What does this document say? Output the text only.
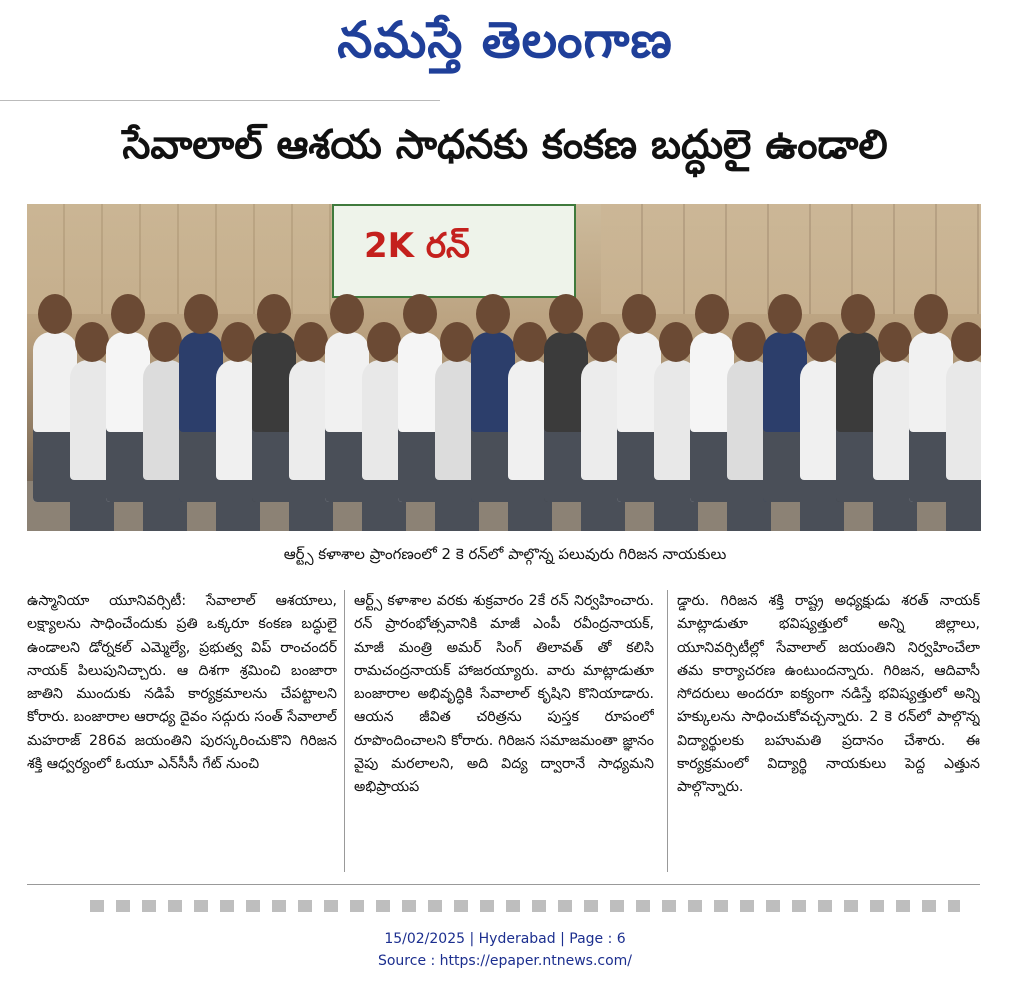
నమస్తే తెలంగాణ
సేవాలాల్ ఆశయ సాధనకు కంకణ బద్ధులై ఉండాలి
2K రన్
ఆర్ట్స్ కళాశాల ప్రాంగణంలో 2 కె రన్‌లో పాల్గొన్న పలువురు గిరిజన నాయకులు
ఉస్మానియా యూనివర్సిటీ: సేవాలాల్ ఆశయాలు, లక్ష్యాలను సాధించేందుకు ప్రతి ఒక్కరూ కంకణ బద్ధులై ఉండాలని డోర్నకల్ ఎమ్మెల్యే, ప్రభుత్వ విప్ రాంచందర్ నాయక్ పిలుపునిచ్చారు. ఆ దిశగా శ్రమించి బంజారా జాతిని ముందుకు నడిపే కార్యక్రమాలను చేపట్టాలని కోరారు. బంజారాల ఆరాధ్య దైవం సద్గురు సంత్ సేవాలాల్ మహరాజ్ 286వ జయంతిని పురస్కరించుకొని గిరిజన శక్తి ఆధ్వర్యంలో ఓయూ ఎన్‌సీసీ గేట్ నుంచి
ఆర్ట్స్ కళాశాల వరకు శుక్రవారం 2కే రన్ నిర్వహించారు. రన్ ప్రారంభోత్సవానికి మాజీ ఎంపీ రవీంద్రనాయక్, మాజీ మంత్రి అమర్ సింగ్ తిలావత్ తో కలిసి రామచంద్రనాయక్ హాజరయ్యారు. వారు మాట్లాడుతూ బంజారాల అభివృద్ధికి సేవాలాల్ కృషిని కొనియాడారు. ఆయన జీవిత చరిత్రను పుస్తక రూపంలో రూపొందించాలని కోరారు. గిరిజన సమాజమంతా జ్ఞానం వైపు మరలాలని, అది విద్య ద్వారానే సాధ్యమని అభిప్రాయప
డ్డారు. గిరిజన శక్తి రాష్ట్ర అధ్యక్షుడు శరత్ నాయక్ మాట్లాడుతూ భవిష్యత్తులో అన్ని జిల్లాలు, యూనివర్సిటీల్లో సేవాలాల్ జయంతిని నిర్వహించేలా తమ కార్యాచరణ ఉంటుందన్నారు. గిరిజన, ఆదివాసీ సోదరులు అందరూ ఐక్యంగా నడిస్తే భవిష్యత్తులో అన్ని హక్కులను సాధించుకోవచ్చన్నారు. 2 కె రన్‌లో పాల్గొన్న విద్యార్థులకు బహుమతి ప్రదానం చేశారు. ఈ కార్యక్రమంలో విద్యార్థి నాయకులు పెద్ద ఎత్తున పాల్గొన్నారు.
15/02/2025 | Hyderabad | Page : 6
Source : https://epaper.ntnews.com/
